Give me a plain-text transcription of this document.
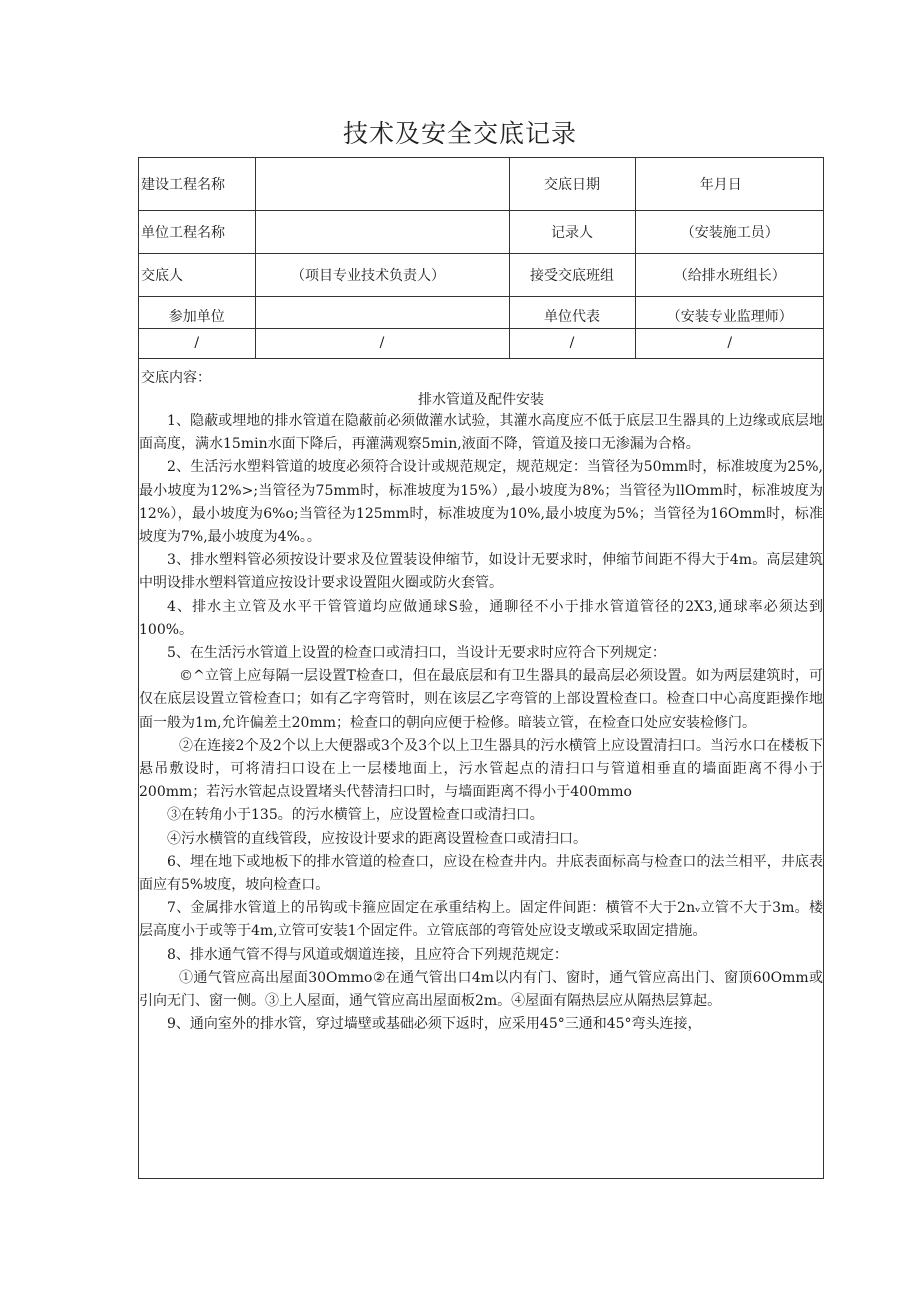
技术及安全交底记录
建设工程名称		交底日期	年月日
单位工程名称		记录人	（安装施工员）
交底人	（项目专业技术负责人）	接受交底班组	（给排水班组长）
参加单位		单位代表	（安装专业监理师）
/	/	/	/
交底内容：
排水管道及配件安装

1、隐蔽或埋地的排水管道在隐蔽前必须做灌水试验，其灌水高度应不低于底层卫生器具的上边缘或底层地面高度，满水15min水面下降后，再灌满观察5min,液面不降，管道及接口无渗漏为合格。

2、生活污水塑料管道的坡度必须符合设计或规范规定，规范规定：当管径为50mm时，标准坡度为25%,最小坡度为12%>;当管径为75mm时，标准坡度为15%）,最小坡度为8%；当管径为llOmm时，标准坡度为12%），最小坡度为6%o;当管径为125mm时，标准坡度为10%,最小坡度为5%；当管径为16Omm时，标准坡度为7%,最小坡度为4%。。

3、排水塑料管必须按设计要求及位置装设伸缩节，如设计无要求时，伸缩节间距不得大于4m。高层建筑中明设排水塑料管道应按设计要求设置阻火圈或防火套管。

4、排水主立管及水平干管管道均应做通球S验，通聊径不小于排水管道管径的2X3,通球率必须达到100%。

5、在生活污水管道上设置的检查口或清扫口，当设计无要求时应符合下列规定：

©^立管上应每隔一层设置T检查口，但在最底层和有卫生器具的最高层必须设置。如为两层建筑时，可仅在底层设置立管检查口；如有乙字弯管时，则在该层乙字弯管的上部设置检查口。检查口中心高度距操作地面一般为1m,允许偏差土20mm；检查口的朝向应便于检修。暗装立管，在检查口处应安装检修门。

②在连接2个及2个以上大便器或3个及3个以上卫生器具的污水横管上应设置清扫口。当污水口在楼板下悬吊敷设时，可将清扫口设在上一层楼地面上，污水管起点的清扫口与管道相垂直的墙面距离不得小于200mm；若污水管起点设置堵头代替清扫口时，与墙面距离不得小于400mmo

③在转角小于135。的污水横管上，应设置检查口或清扫口。

④污水横管的直线管段，应按设计要求的距离设置检查口或清扫口。

6、埋在地下或地板下的排水管道的检查口，应设在检查井内。井底表面标高与检查口的法兰相平，井底表面应有5%坡度，坡向检查口。

7、金属排水管道上的吊钩或卡箍应固定在承重结构上。固定件间距：横管不大于2nᵥ立管不大于3m。楼层高度小于或等于4m,立管可安装1个固定件。立管底部的弯管处应设支墩或采取固定措施。

8、排水通气管不得与风道或烟道连接，且应符合下列规范规定：

①通气管应高出屋面30Ommo②在通气管出口4m以内有门、窗时，通气管应高出门、窗顶60Omm或引向无门、窗一侧。③上人屋面，通气管应高出屋面板2m。④屋面有隔热层应从隔热层算起。

9、通向室外的排水管，穿过墙壁或基础必须下返时，应采用45°三通和45°弯头连接，
